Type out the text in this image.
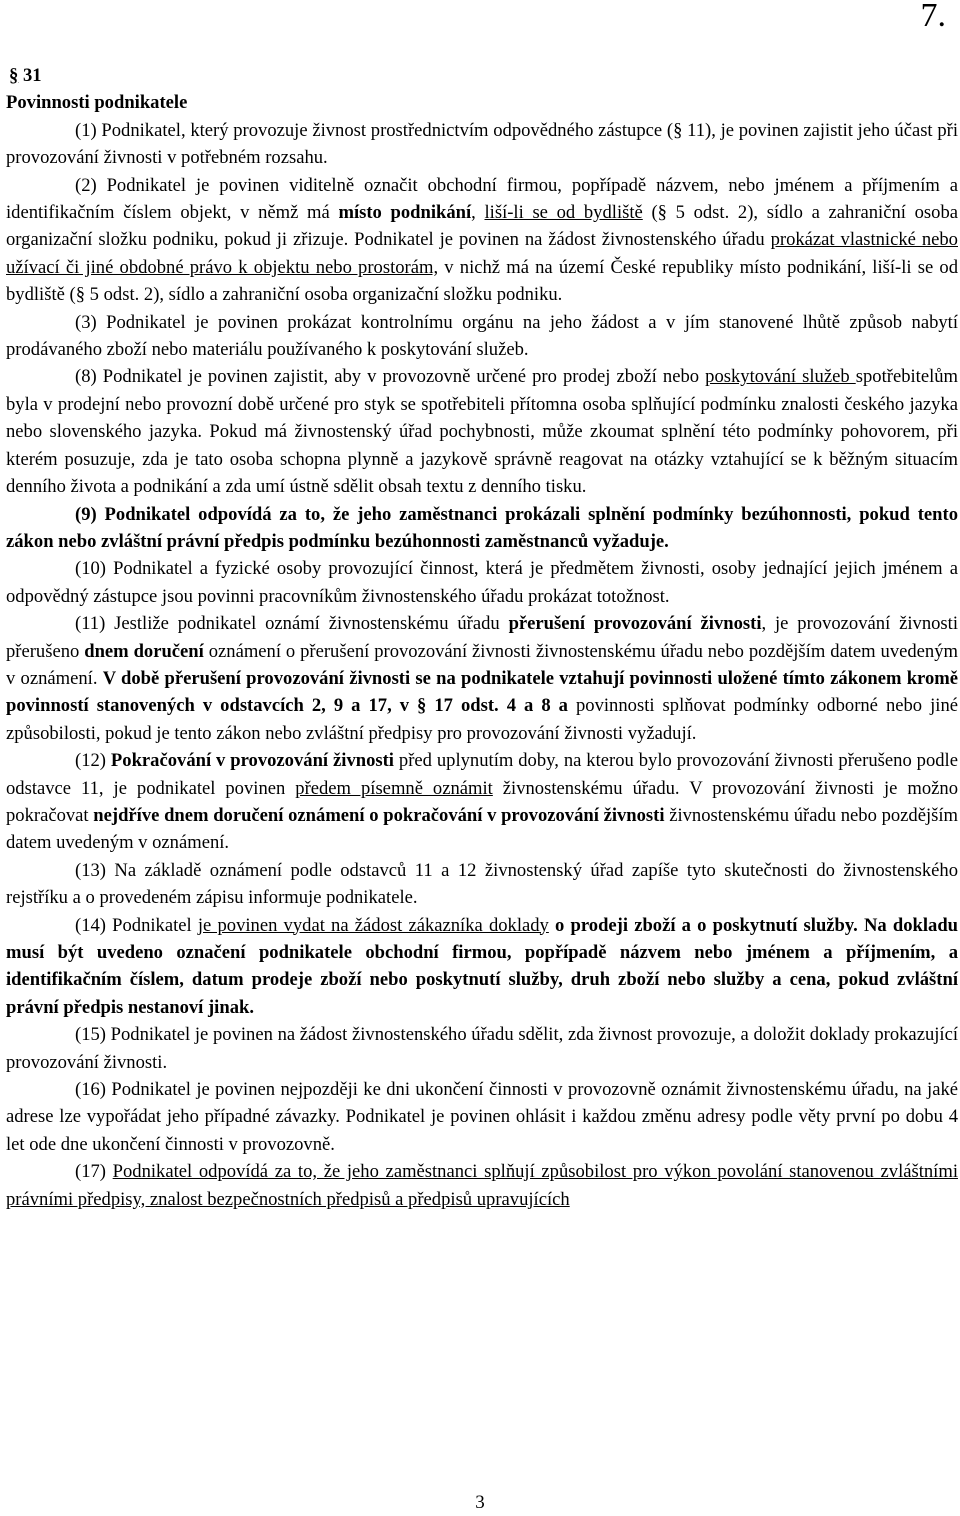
7.
§ 31
Povinnosti podnikatele

(1) Podnikatel, který provozuje živnost prostřednictvím odpovědného zástupce (§ 11), je povinen zajistit jeho účast při provozování živnosti v potřebném rozsahu.

(2) Podnikatel je povinen viditelně označit obchodní firmou, popřípadě názvem, nebo jménem a příjmením a identifikačním číslem objekt, v němž má místo podnikání, liší-li se od bydliště (§ 5 odst. 2), sídlo a zahraniční osoba organizační složku podniku, pokud ji zřizuje. Podnikatel je povinen na žádost živnostenského úřadu prokázat vlastnické nebo užívací či jiné obdobné právo k objektu nebo prostorám, v nichž má na území České republiky místo podnikání, liší-li se od bydliště (§ 5 odst. 2), sídlo a zahraniční osoba organizační složku podniku.

(3) Podnikatel je povinen prokázat kontrolnímu orgánu na jeho žádost a v jím stanovené lhůtě způsob nabytí prodávaného zboží nebo materiálu používaného k poskytování služeb.

(8) Podnikatel je povinen zajistit, aby v provozovně určené pro prodej zboží nebo poskytování služeb spotřebitelům byla v prodejní nebo provozní době určené pro styk se spotřebiteli přítomna osoba splňující podmínku znalosti českého jazyka nebo slovenského jazyka. Pokud má živnostenský úřad pochybnosti, může zkoumat splnění této podmínky pohovorem, při kterém posuzuje, zda je tato osoba schopna plynně a jazykově správně reagovat na otázky vztahující se k běžným situacím denního života a podnikání a zda umí ústně sdělit obsah textu z denního tisku.

(9) Podnikatel odpovídá za to, že jeho zaměstnanci prokázali splnění podmínky bezúhonnosti, pokud tento zákon nebo zvláštní právní předpis podmínku bezúhonnosti zaměstnanců vyžaduje.

(10) Podnikatel a fyzické osoby provozující činnost, která je předmětem živnosti, osoby jednající jejich jménem a odpovědný zástupce jsou povinni pracovníkům živnostenského úřadu prokázat totožnost.

(11) Jestliže podnikatel oznámí živnostenskému úřadu přerušení provozování živnosti, je provozování živnosti přerušeno dnem doručení oznámení o přerušení provozování živnosti živnostenskému úřadu nebo pozdějším datem uvedeným v oznámení. V době přerušení provozování živnosti se na podnikatele vztahují povinnosti uložené tímto zákonem kromě povinností stanovených v odstavcích 2, 9 a 17, v § 17 odst. 4 a 8 a povinnosti splňovat podmínky odborné nebo jiné způsobilosti, pokud je tento zákon nebo zvláštní předpisy pro provozování živnosti vyžadují.

(12) Pokračování v provozování živnosti před uplynutím doby, na kterou bylo provozování živnosti přerušeno podle odstavce 11, je podnikatel povinen předem písemně oznámit živnostenskému úřadu. V provozování živnosti je možno pokračovat nejdříve dnem doručení oznámení o pokračování v provozování živnosti živnostenskému úřadu nebo pozdějším datem uvedeným v oznámení.

(13) Na základě oznámení podle odstavců 11 a 12 živnostenský úřad zapíše tyto skutečnosti do živnostenského rejstříku a o provedeném zápisu informuje podnikatele.

(14) Podnikatel je povinen vydat na žádost zákazníka doklady o prodeji zboží a o poskytnutí služby. Na dokladu musí být uvedeno označení podnikatele obchodní firmou, popřípadě názvem nebo jménem a příjmením, a identifikačním číslem, datum prodeje zboží nebo poskytnutí služby, druh zboží nebo služby a cena, pokud zvláštní právní předpis nestanoví jinak.

(15) Podnikatel je povinen na žádost živnostenského úřadu sdělit, zda živnost provozuje, a doložit doklady prokazující provozování živnosti.

(16) Podnikatel je povinen nejpozději ke dni ukončení činnosti v provozovně oznámit živnostenskému úřadu, na jaké adrese lze vypořádat jeho případné závazky. Podnikatel je povinen ohlásit i každou změnu adresy podle věty první po dobu 4 let ode dne ukončení činnosti v provozovně.

(17) Podnikatel odpovídá za to, že jeho zaměstnanci splňují způsobilost pro výkon povolání stanovenou zvláštními právními předpisy, znalost bezpečnostních předpisů a předpisů upravujících

3
